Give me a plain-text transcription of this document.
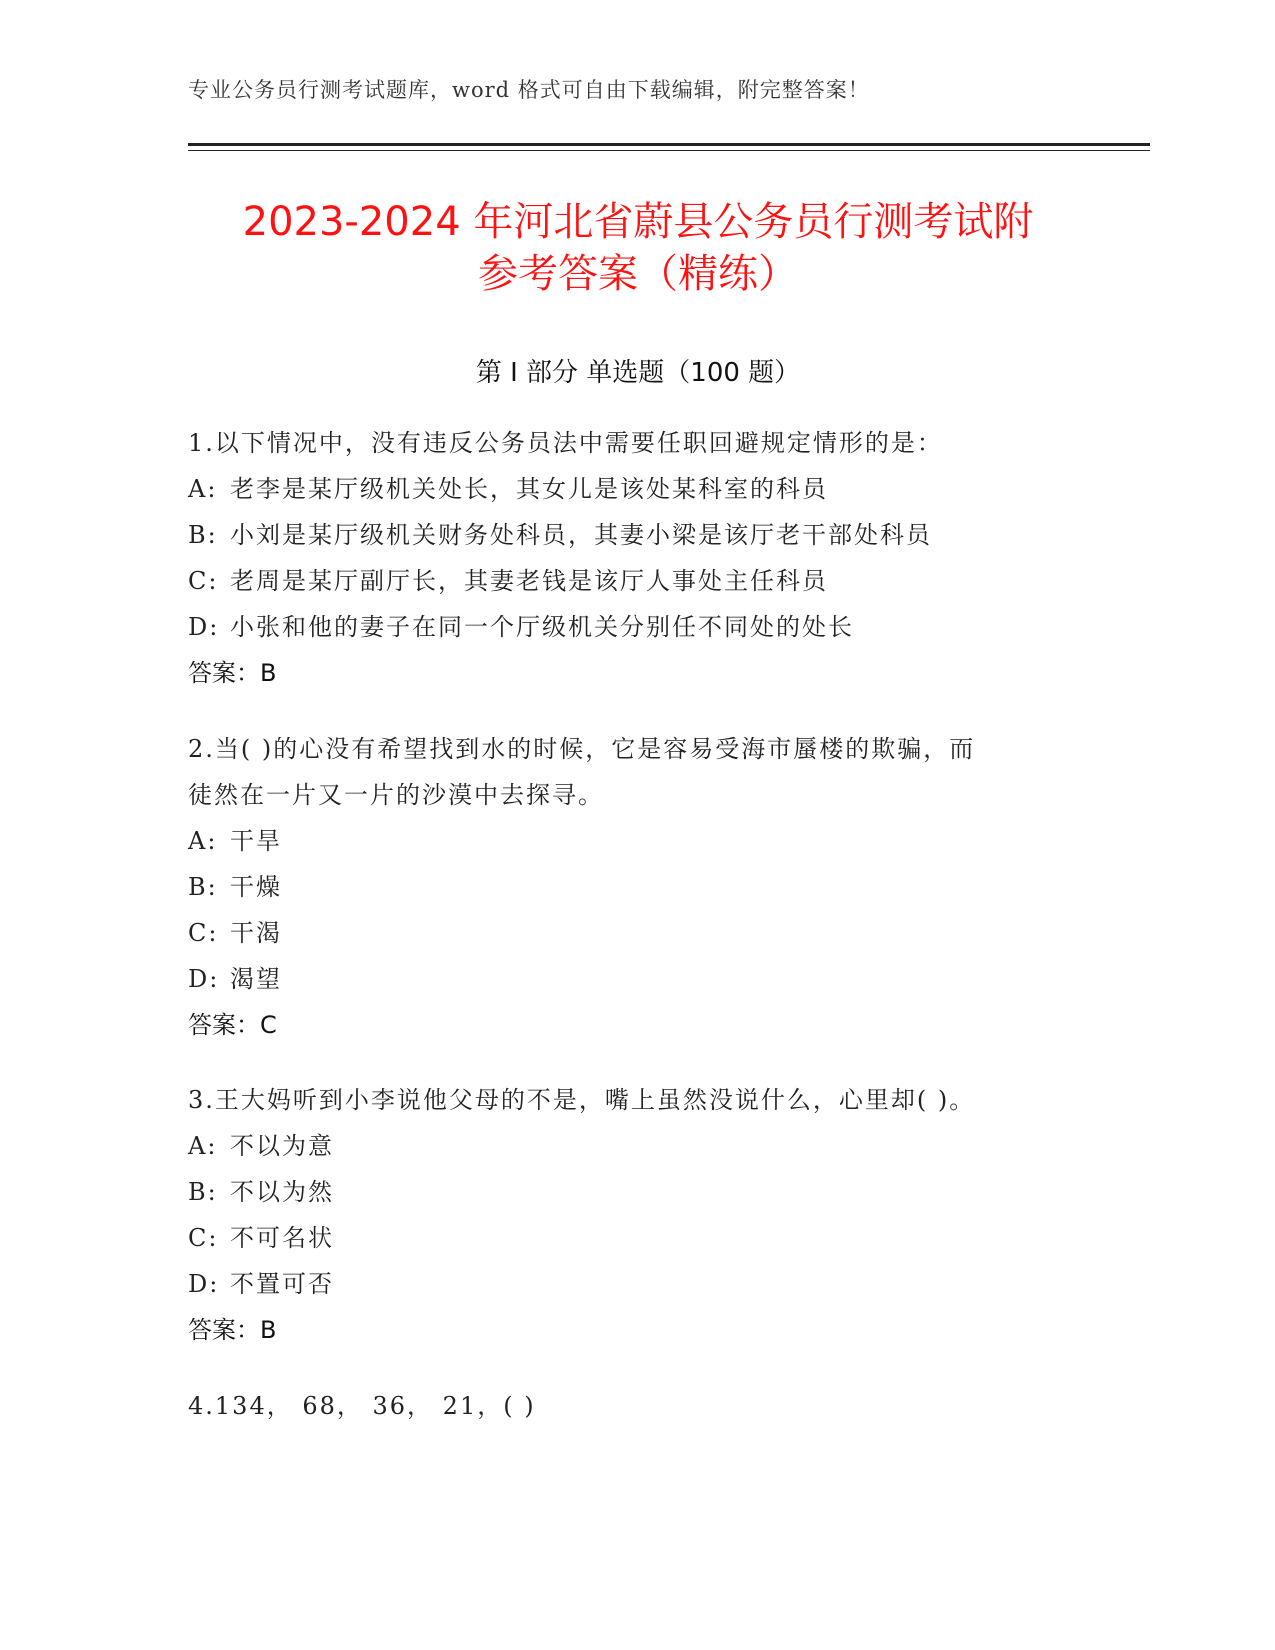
专业公务员行测考试题库，word 格式可自由下载编辑，附完整答案！
2023-2024 年河北省蔚县公务员行测考试附
参考答案（精练）
第 I 部分 单选题（100 题）
1.以下情况中，没有违反公务员法中需要任职回避规定情形的是：
A: 老李是某厅级机关处长，其女儿是该处某科室的科员
B: 小刘是某厅级机关财务处科员，其妻小梁是该厅老干部处科员
C: 老周是某厅副厅长，其妻老钱是该厅人事处主任科员
D: 小张和他的妻子在同一个厅级机关分别任不同处的处长
答案：B
2.当( )的心没有希望找到水的时候，它是容易受海市蜃楼的欺骗，而
徒然在一片又一片的沙漠中去探寻。
A: 干旱
B: 干燥
C: 干渴
D: 渴望
答案：C
3.王大妈听到小李说他父母的不是，嘴上虽然没说什么，心里却( )。
A: 不以为意
B: 不以为然
C: 不可名状
D: 不置可否
答案：B
4.134， 68， 36， 21，( )
